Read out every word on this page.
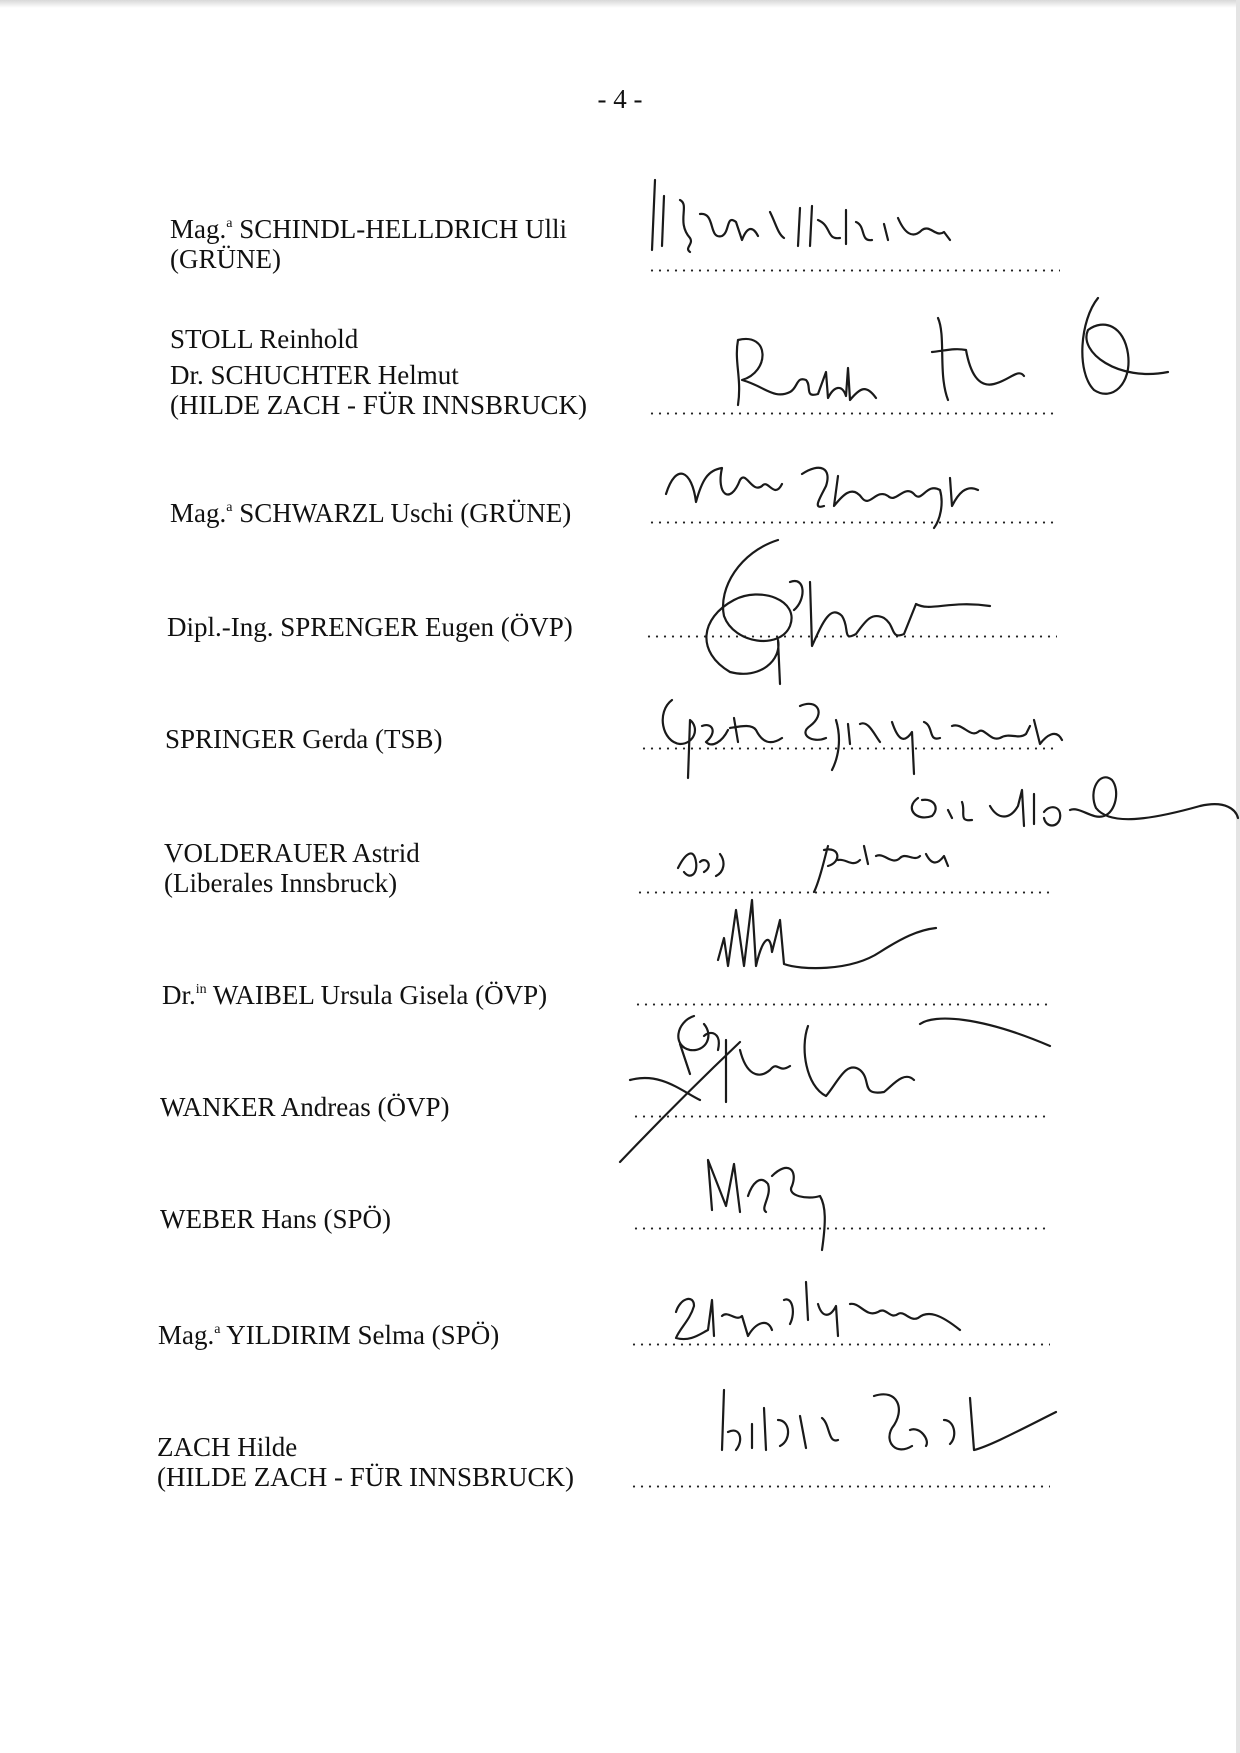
- 4 -
Mag.$^a$ SCHINDL-HELLDRICH Ulli
(GRÜNE)
STOLL Reinhold
Dr. SCHUCHTER Helmut
(HILDE ZACH - FÜR INNSBRUCK)
Mag.$^a$ SCHWARZL Uschi (GRÜNE)
Dipl.-Ing. SPRENGER Eugen (ÖVP)
SPRINGER Gerda (TSB)
VOLDERAUER Astrid
(Liberales Innsbruck)
Dr.$^{in}$ WAIBEL Ursula Gisela (ÖVP)
WANKER Andreas (ÖVP)
WEBER Hans (SPÖ)
Mag.$^a$ YILDIRIM Selma (SPÖ)
ZACH Hilde
(HILDE ZACH - FÜR INNSBRUCK)
